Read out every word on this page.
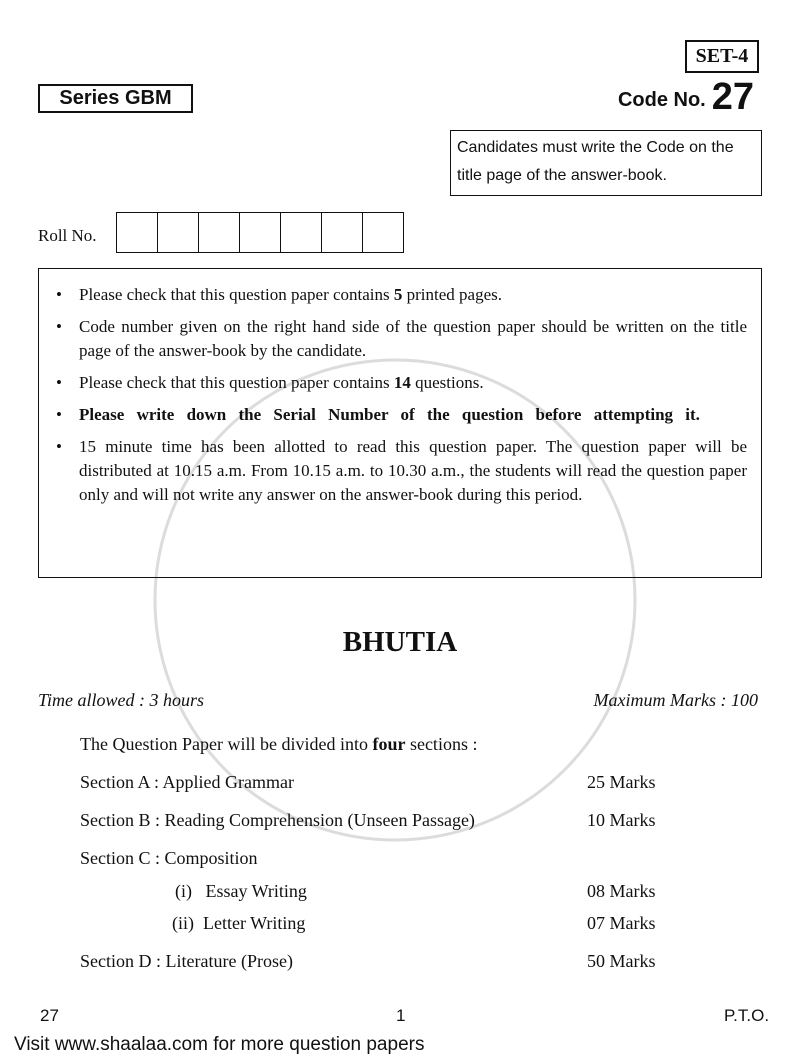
SET-4
Series GBM	Code No. 27
Candidates must write the Code on the title page of the answer-book.
Roll No.
•	Please check that this question paper contains 5 printed pages.
•	Code number given on the right hand side of the question paper should be written on the title page of the answer-book by the candidate.
•	Please check that this question paper contains 14 questions.
•	Please write down the Serial Number of the question before attempting it.
•	15 minute time has been allotted to read this question paper. The question paper will be distributed at 10.15 a.m. From 10.15 a.m. to 10.30 a.m., the students will read the question paper only and will not write any answer on the answer-book during this period.
BHUTIA
Time allowed : 3 hours	Maximum Marks : 100
The Question Paper will be divided into four sections :
Section A : Applied Grammar	25 Marks
Section B : Reading Comprehension (Unseen Passage)	10 Marks
Section C : Composition
(i)   Essay Writing	08 Marks
(ii)  Letter Writing	07 Marks
Section D : Literature (Prose)	50 Marks
27	1	P.T.O.
Visit www.shaalaa.com for more question papers
